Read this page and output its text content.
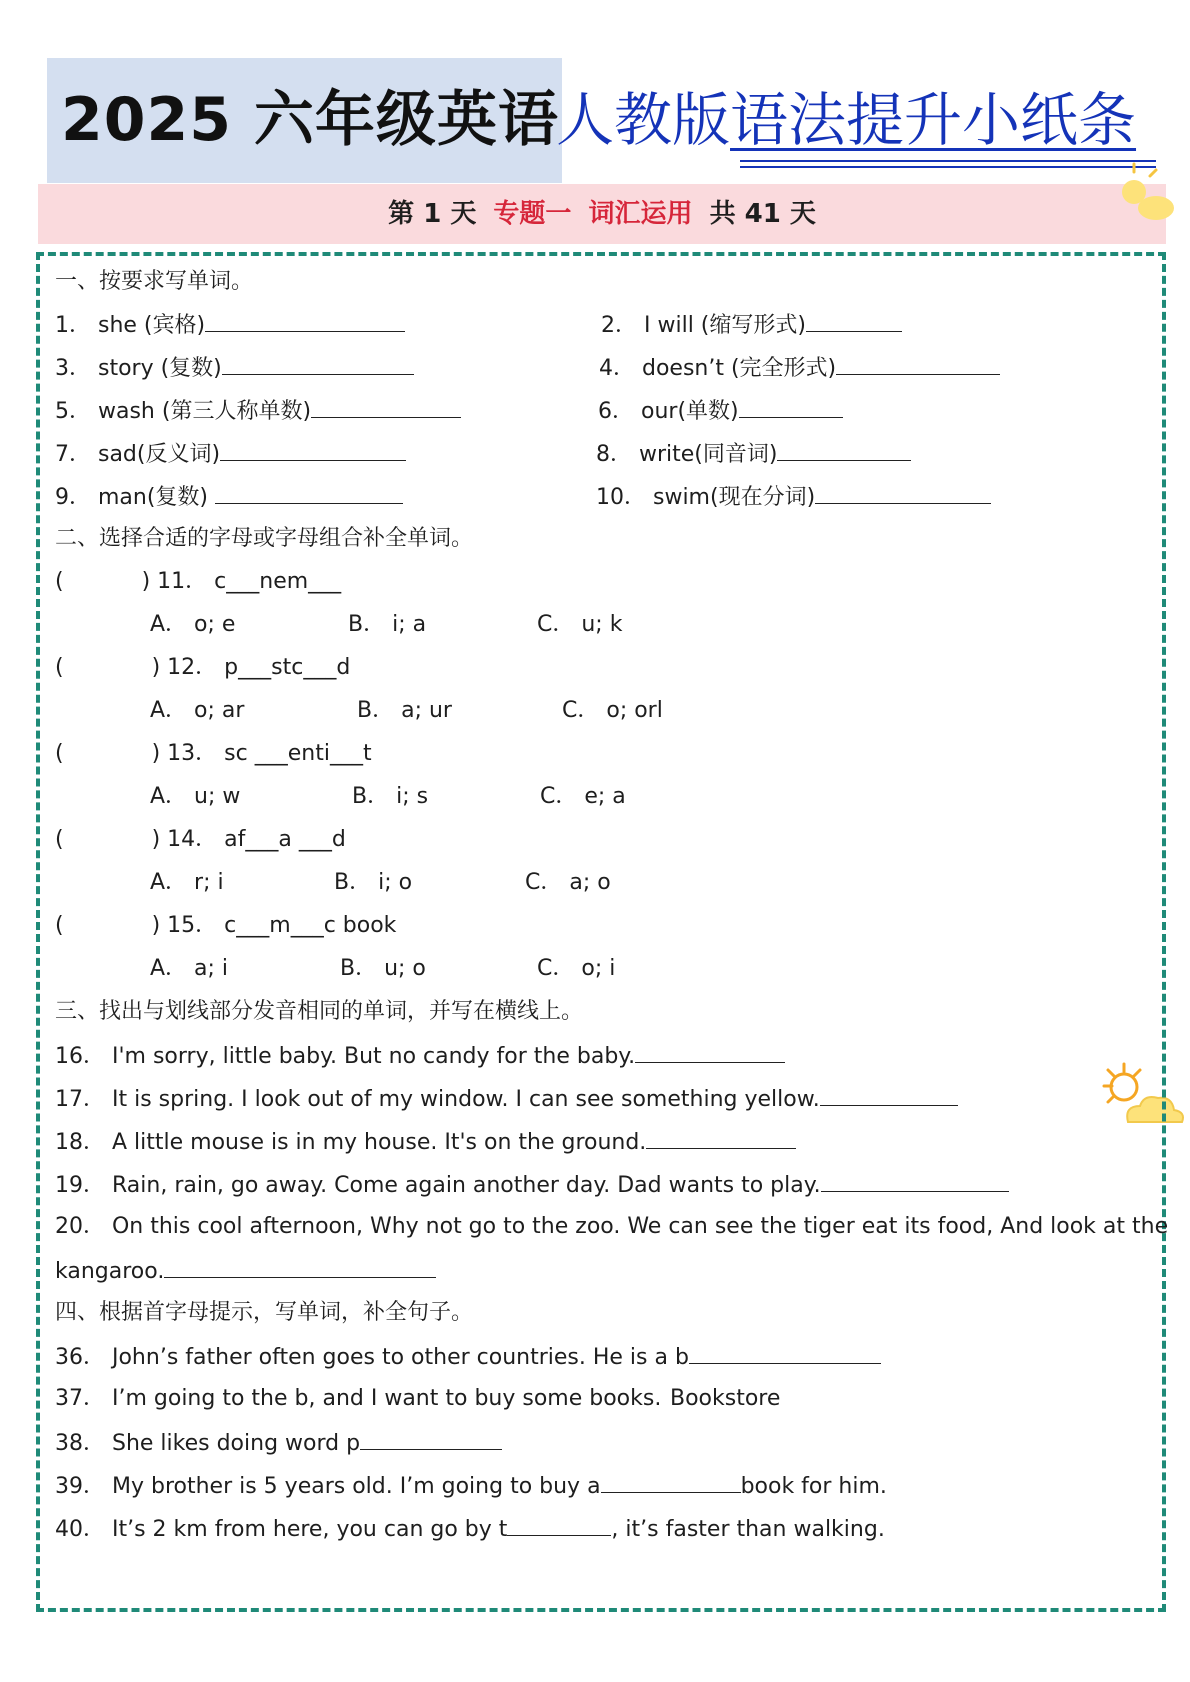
2025 六年级英语
人教版语法提升小纸条
第 1 天 专题一 词汇运用 共 41 天
一、按要求写单词。
1． she (宾格)	2． I will (缩写形式)
3． story (复数)	4． doesn’t (完全形式)
5． wash (第三人称单数)	6． our(单数)
7． sad(反义词)	8． write(同音词)
9． man(复数)	10． swim(现在分词)
二、选择合适的字母或字母组合补全单词。
(	) 11． c___nem___
A． o; e	B． i; a	C． u; k
(	) 12． p___stc___d
A． o; ar	B． a; ur	C． o; orl
(	) 13． sc ___enti___t
A． u; w	B． i; s	C． e; a
(	) 14． af___a ___d
A． r; i	B． i; o	C． a; o
(	) 15． c___m___c book
A． a; i	B． u; o	C． o; i
三、找出与划线部分发音相同的单词，并写在横线上。
16． I'm sorry, little baby. But no candy for the baby.
17． It is spring. I look out of my window. I can see something yellow.
18． A little mouse is in my house. It's on the ground.
19． Rain, rain, go away. Come again another day. Dad wants to play.
20． On this cool afternoon, Why not go to the zoo. We can see the tiger eat its food, And look at the
kangaroo.
四、根据首字母提示，写单词，补全句子。
36． John’s father often goes to other countries. He is a b
37． I’m going to the b, and I want to buy some books. Bookstore
38． She likes doing word p
39． My brother is 5 years old. I’m going to buy a	book for him.
40． It’s 2 km from here, you can go by t	, it’s faster than walking.
